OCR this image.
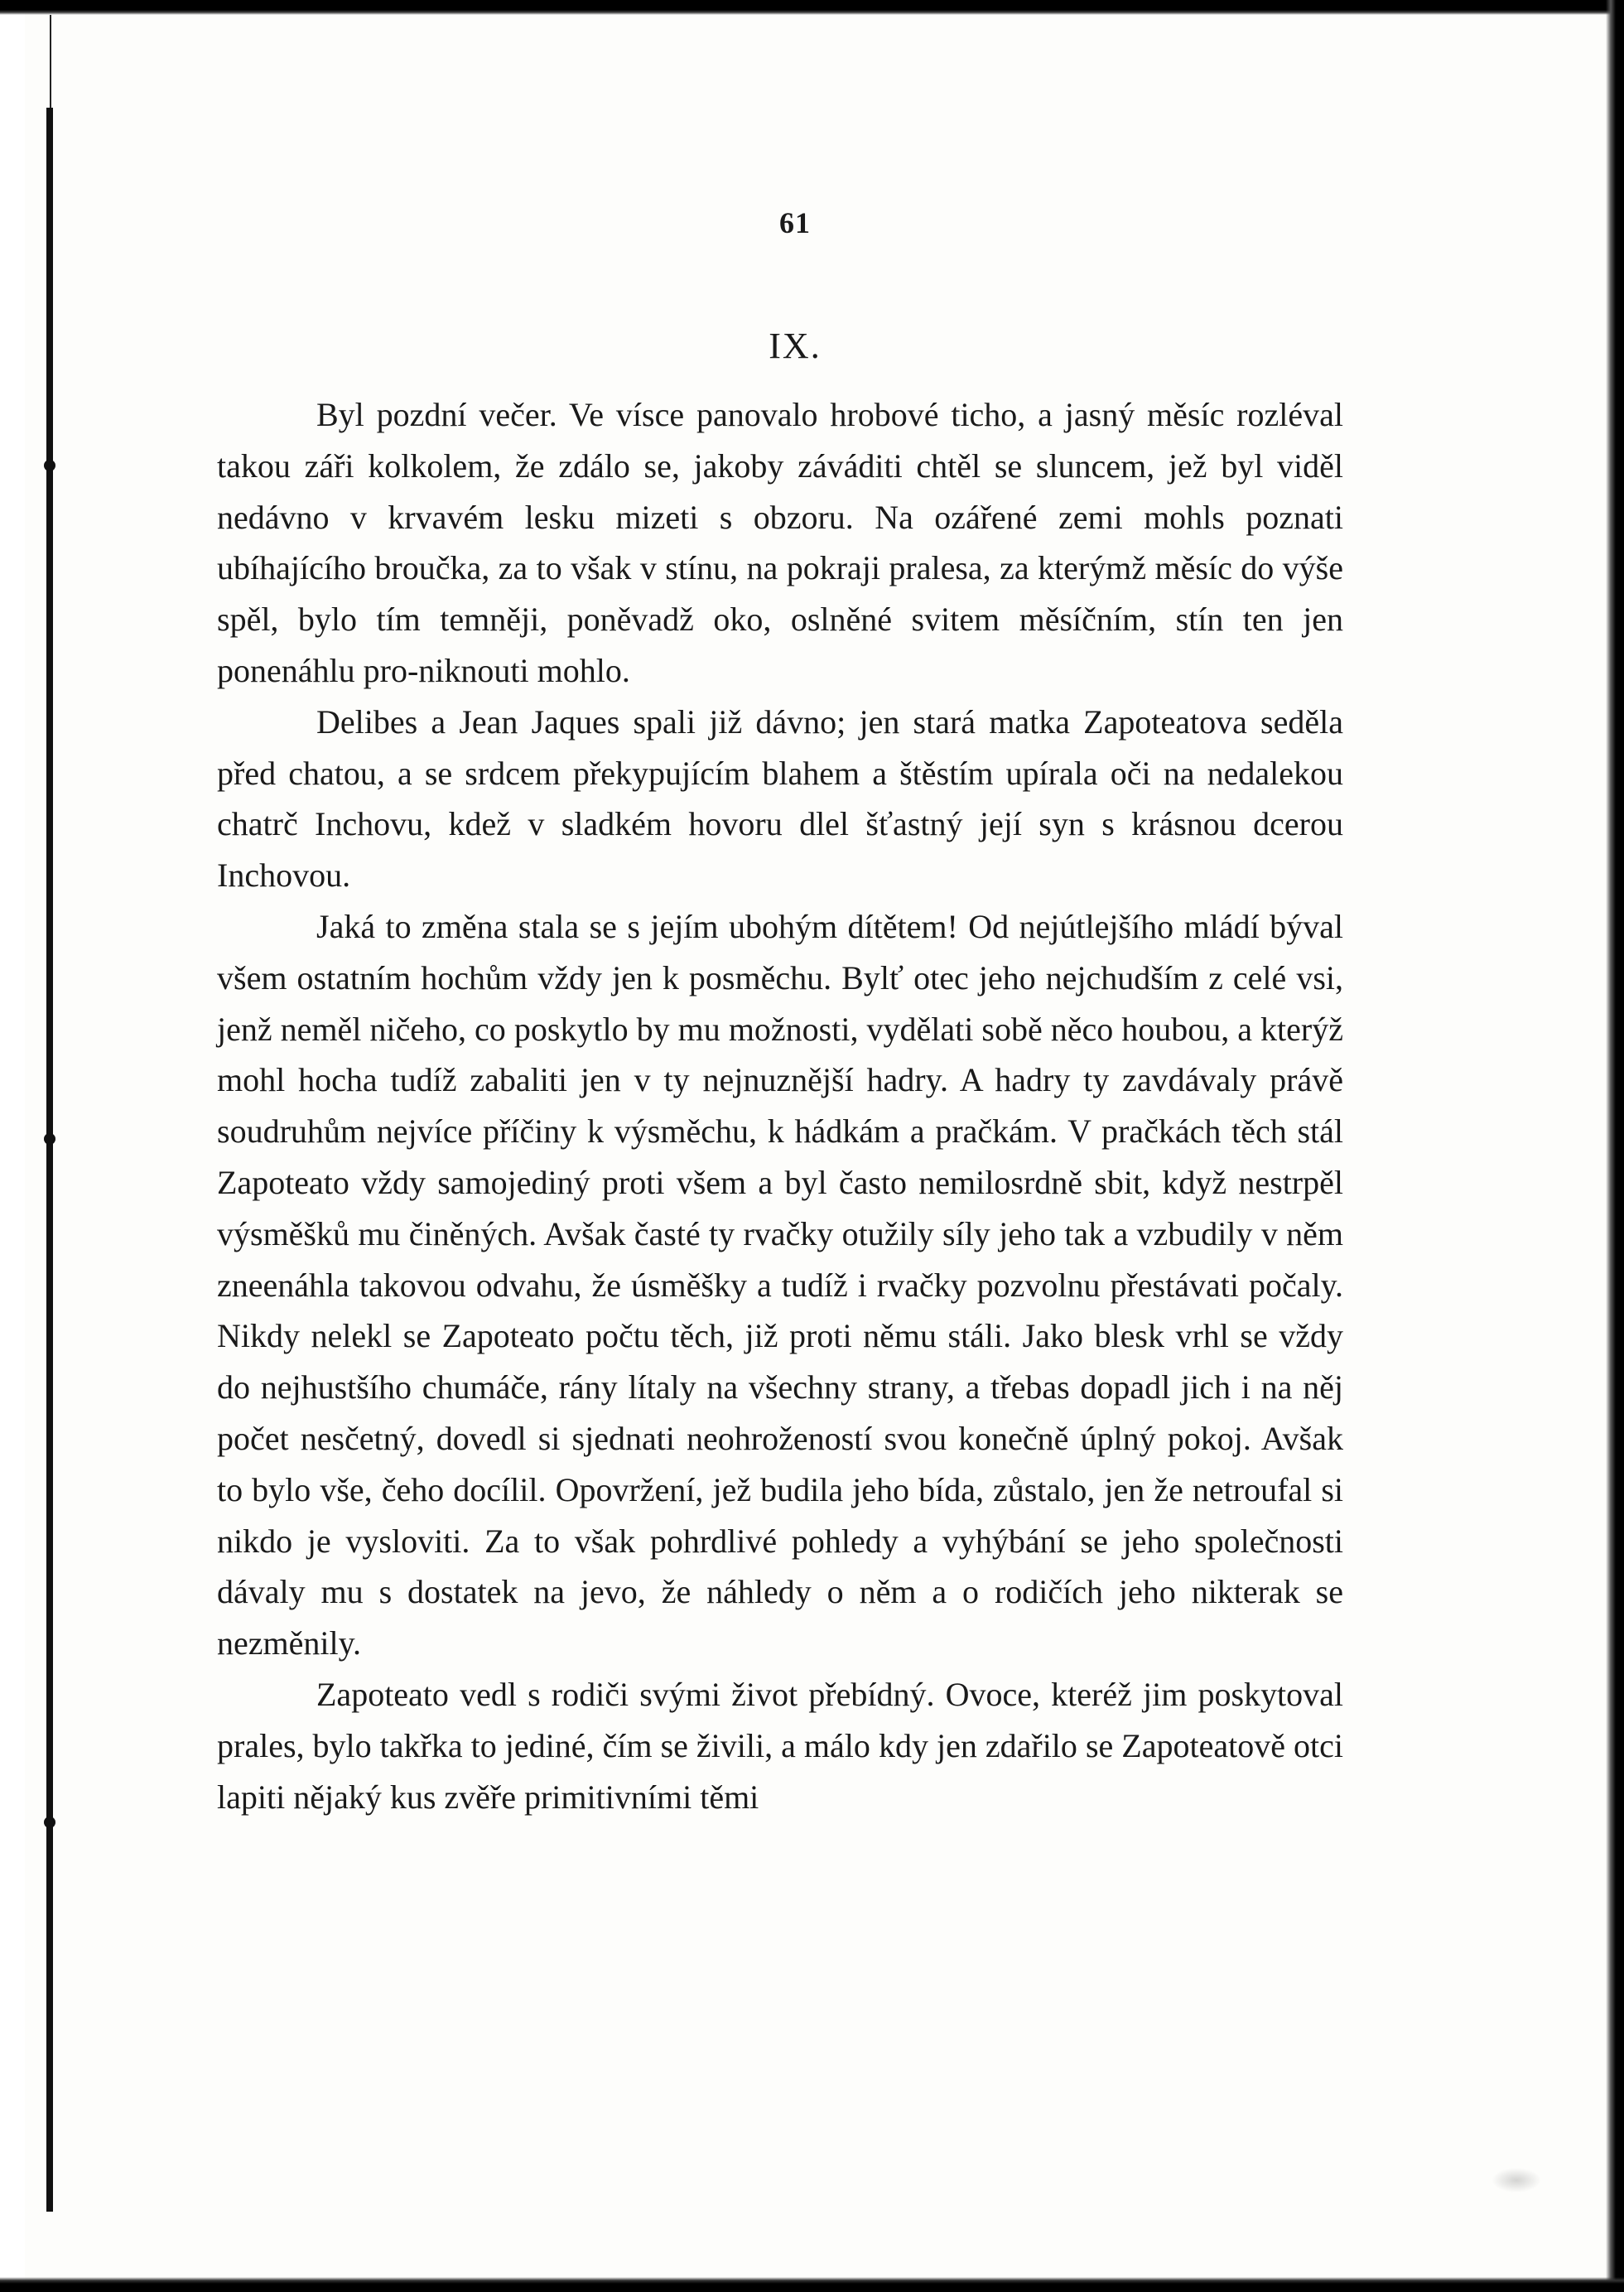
61
IX.

Byl pozdní večer. Ve vísce panovalo hrobové ticho, a jasný měsíc rozléval takou záři kolkolem, že zdálo se, jakoby záváditi chtěl se sluncem, jež byl viděl nedávno v krvavém lesku mizeti s obzoru. Na ozářené zemi mohls poznati ubíhajícího broučka, za to však v stínu, na pokraji pralesa, za kterýmž měsíc do výše spěl, bylo tím temněji, poněvadž oko, oslněné svitem měsíčním, stín ten jen ponenáhlu pro-niknouti mohlo.

Delibes a Jean Jaques spali již dávno; jen stará matka Zapoteatova seděla před chatou, a se srdcem překypujícím blahem a štěstím upírala oči na nedalekou chatrč Inchovu, kdež v sladkém hovoru dlel šťastný její syn s krásnou dcerou Inchovou.

Jaká to změna stala se s jejím ubohým dítětem! Od nejútlejšího mládí býval všem ostatním hochům vždy jen k posměchu. Bylť otec jeho nejchudším z celé vsi, jenž neměl ničeho, co poskytlo by mu možnosti, vydělati sobě něco houbou, a kterýž mohl hocha tudíž zabaliti jen v ty nejnuznější hadry. A hadry ty zavdávaly právě soudruhům nejvíce příčiny k výsměchu, k hádkám a pračkám. V pračkách těch stál Zapoteato vždy samojediný proti všem a byl často nemilosrdně sbit, když nestrpěl výsměšků mu činěných. Avšak časté ty rvačky otužily síly jeho tak a vzbudily v něm zneenáhla takovou odvahu, že úsměšky a tudíž i rvačky pozvolnu přestávati počaly. Nikdy nelekl se Zapoteato počtu těch, již proti němu stáli. Jako blesk vrhl se vždy do nejhustšího chumáče, rány lítaly na všechny strany, a třebas dopadl jich i na něj počet nesčetný, dovedl si sjednati neohrožeností svou konečně úplný pokoj. Avšak to bylo vše, čeho docílil. Opovržení, jež budila jeho bída, zůstalo, jen že netroufal si nikdo je vysloviti. Za to však pohrdlivé pohledy a vyhýbání se jeho společnosti dávaly mu s dostatek na jevo, že náhledy o něm a o rodičích jeho nikterak se nezměnily.

Zapoteato vedl s rodiči svými život přebídný. Ovoce, kteréž jim poskytoval prales, bylo takřka to jediné, čím se živili, a málo kdy jen zdařilo se Zapoteatově otci lapiti nějaký kus zvěře primitivními těmi
